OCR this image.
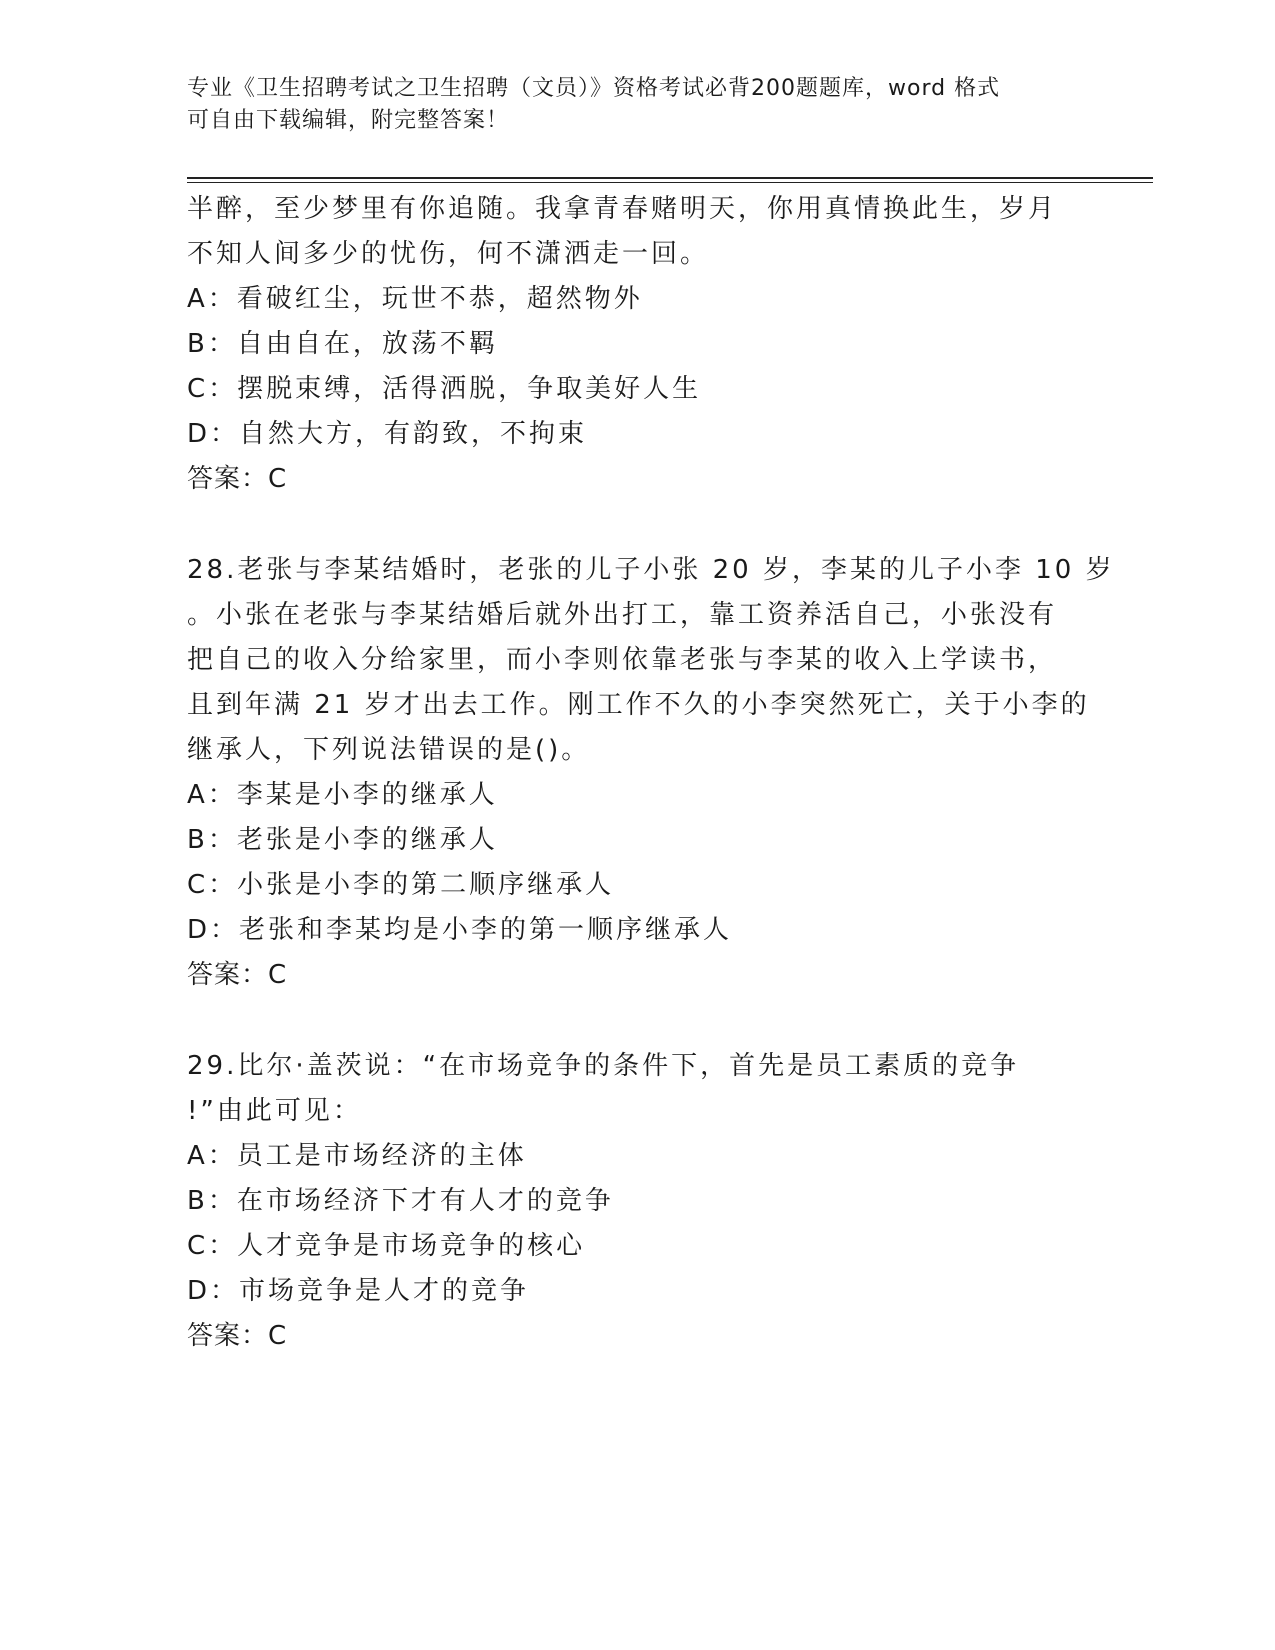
专业《卫生招聘考试之卫生招聘（文员）》资格考试必背200题题库，word 格式
可自由下载编辑，附完整答案！
半醉，至少梦里有你追随。我拿青春赌明天，你用真情换此生，岁月
不知人间多少的忧伤，何不潇洒走一回。
A：看破红尘，玩世不恭，超然物外
B：自由自在，放荡不羁
C：摆脱束缚，活得洒脱，争取美好人生
D：自然大方，有韵致，不拘束
答案：C
28.老张与李某结婚时，老张的儿子小张 20 岁，李某的儿子小李 10 岁
。小张在老张与李某结婚后就外出打工，靠工资养活自己，小张没有
把自己的收入分给家里，而小李则依靠老张与李某的收入上学读书，
且到年满 21 岁才出去工作。刚工作不久的小李突然死亡，关于小李的
继承人，下列说法错误的是()。
A：李某是小李的继承人
B：老张是小李的继承人
C：小张是小李的第二顺序继承人
D：老张和李某均是小李的第一顺序继承人
答案：C
29.比尔·盖茨说：“在市场竞争的条件下，首先是员工素质的竞争
!”由此可见：
A：员工是市场经济的主体
B：在市场经济下才有人才的竞争
C：人才竞争是市场竞争的核心
D：市场竞争是人才的竞争
答案：C
